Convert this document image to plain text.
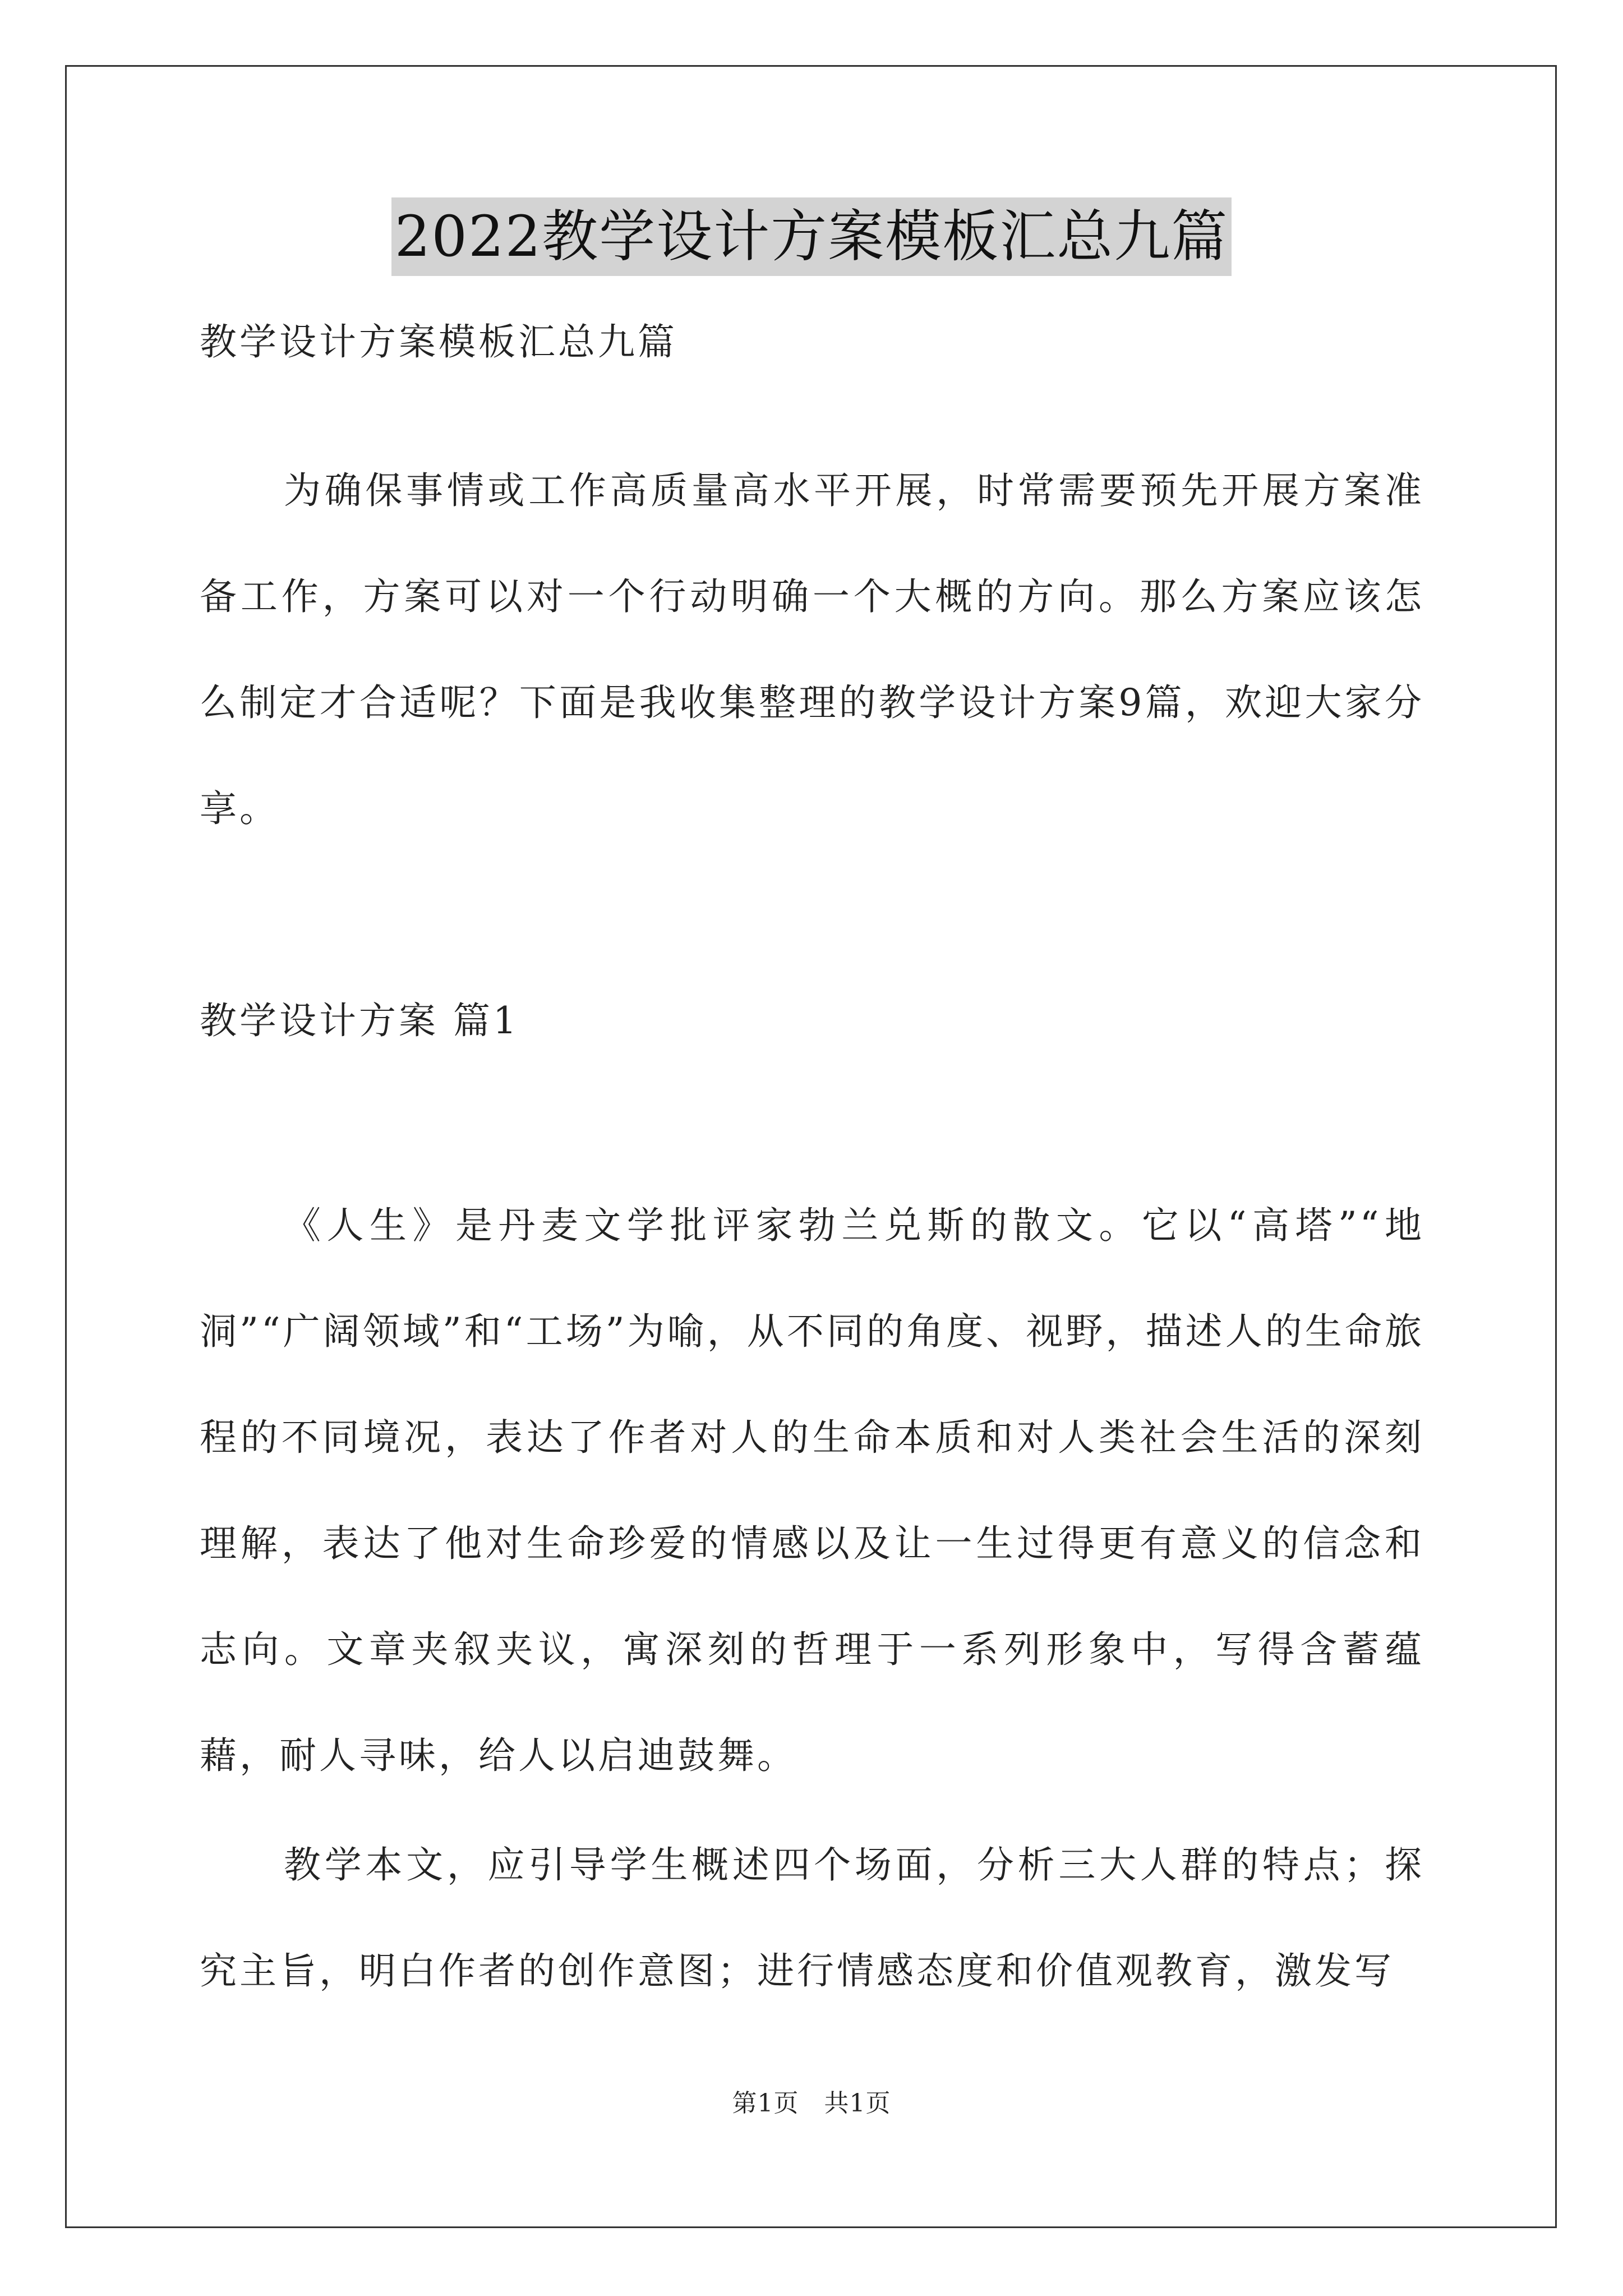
2022教学设计方案模板汇总九篇
教学设计方案模板汇总九篇

为确保事情或工作高质量高水平开展，时常需要预先开展方案准备工作，方案可以对一个行动明确一个大概的方向。那么方案应该怎么制定才合适呢？下面是我收集整理的教学设计方案9篇，欢迎大家分享。

教学设计方案 篇1

《人生》是丹麦文学批评家勃兰兑斯的散文。它以“高塔”“地洞”“广阔领域”和“工场”为喻，从不同的角度、视野，描述人的生命旅程的不同境况，表达了作者对人的生命本质和对人类社会生活的深刻理解，表达了他对生命珍爱的情感以及让一生过得更有意义的信念和志向。文章夹叙夹议，寓深刻的哲理于一系列形象中，写得含蓄蕴藉，耐人寻味，给人以启迪鼓舞。

教学本文，应引导学生概述四个场面，分析三大人群的特点；探究主旨，明白作者的创作意图；进行情感态度和价值观教育，激发写

第1页　共1页
